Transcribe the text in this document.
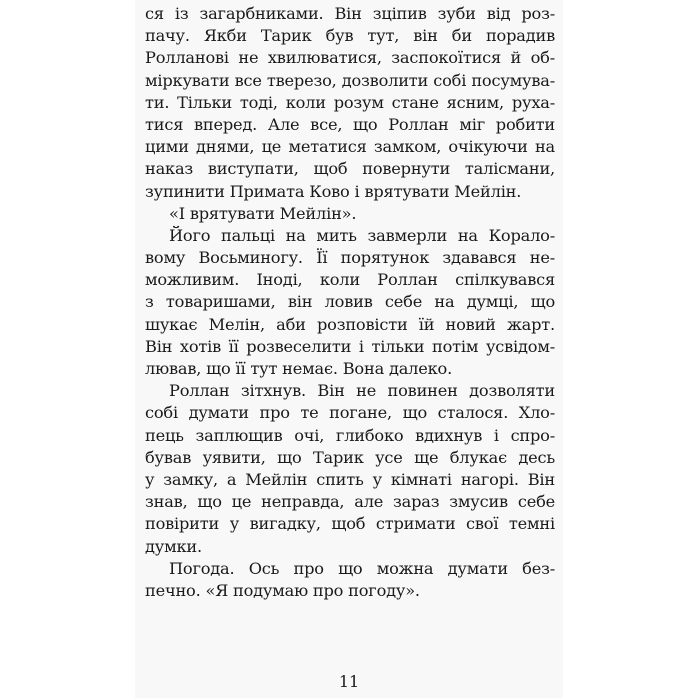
ся із загарбниками. Він зціпив зуби від роз-
пачу. Якби Тарик був тут, він би порадив
Ролланові не хвилюватися, заспокоїтися й об-
міркувати все тверезо, дозволити собі посумува-
ти. Тільки тоді, коли розум стане ясним, руха-
тися вперед. Але все, що Роллан міг робити
цими днями, це метатися замком, очікуючи на
наказ виступати, щоб повернути талісмани,
зупинити Примата Ково і врятувати Мейлін.
«І врятувати Мейлін».
Його пальці на мить завмерли на Корало-
вому Восьминогу. Її порятунок здавався не-
можливим. Іноді, коли Роллан спілкувався
з товаришами, він ловив себе на думці, що
шукає Мелін, аби розповісти їй новий жарт.
Він хотів її розвеселити і тільки потім усвідом-
лював, що її тут немає. Вона далеко.
Роллан зітхнув. Він не повинен дозволяти
собі думати про те погане, що сталося. Хло-
пець заплющив очі, глибоко вдихнув і спро-
бував уявити, що Тарик усе ще блукає десь
у замку, а Мейлін спить у кімнаті нагорі. Він
знав, що це неправда, але зараз змусив себе
повірити у вигадку, щоб стримати свої темні
думки.
Погода. Ось про що можна думати без-
печно. «Я подумаю про погоду».
11
